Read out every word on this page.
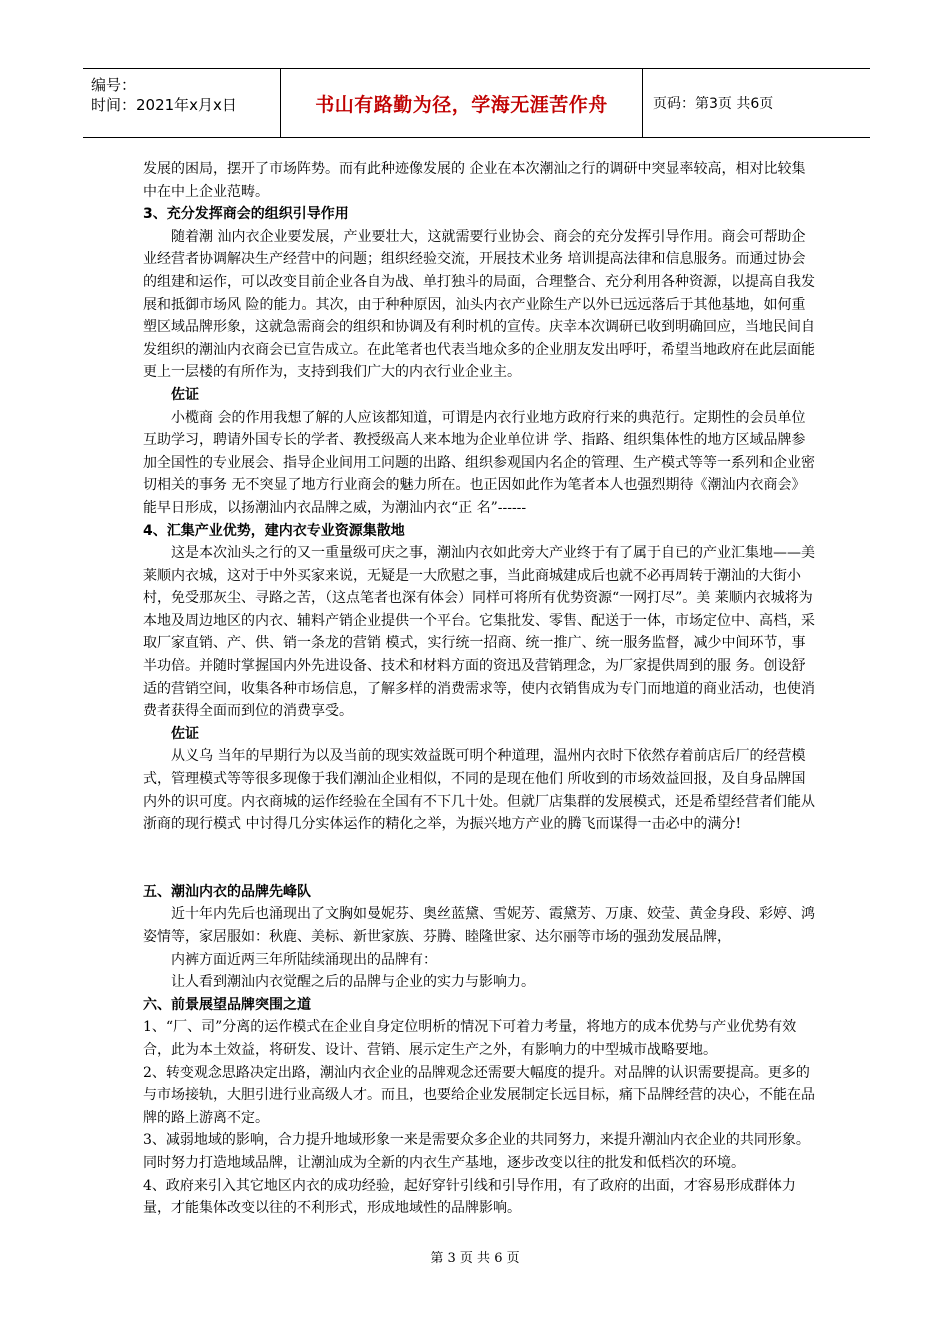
编号：
时间：2021年x月x日	书山有路勤为径，学海无涯苦作舟	页码：第3页 共6页

发展的困局，摆开了市场阵势。而有此种迹像发展的 企业在本次潮汕之行的调研中突显率较高，相对比较集中在中上企业范畴。

3、充分发挥商会的组织引导作用

随着潮 汕内衣企业要发展，产业要壮大，这就需要行业协会、商会的充分发挥引导作用。商会可帮助企业经营者协调解决生产经营中的问题；组织经验交流，开展技术业务 培训提高法律和信息服务。而通过协会的组建和运作，可以改变目前企业各自为战、单打独斗的局面，合理整合、充分利用各种资源，以提高自我发展和抵御市场风 险的能力。其次，由于种种原因，汕头内衣产业除生产以外已远远落后于其他基地，如何重塑区域品牌形象，这就急需商会的组织和协调及有利时机的宣传。庆幸本次调研已收到明确回应，当地民间自发组织的潮汕内衣商会已宣告成立。在此笔者也代表当地众多的企业朋友发出呼吁，希望当地政府在此层面能更上一层楼的有所作为，支持到我们广大的内衣行业企业主。

佐证

小榄商 会的作用我想了解的人应该都知道，可谓是内衣行业地方政府行来的典范行。定期性的会员单位互助学习，聘请外国专长的学者、教授级高人来本地为企业单位讲 学、指路、组织集体性的地方区域品牌参加全国性的专业展会、指导企业间用工问题的出路、组织参观国内名企的管理、生产模式等等一系列和企业密切相关的事务 无不突显了地方行业商会的魅力所在。也正因如此作为笔者本人也强烈期待《潮汕内衣商会》能早日形成，以扬潮汕内衣品牌之威，为潮汕内衣“正 名”------

4、汇集产业优势，建内衣专业资源集散地

这是本次汕头之行的又一重量级可庆之事，潮汕内衣如此旁大产业终于有了属于自已的产业汇集地——美莱顺内衣城，这对于中外买家来说，无疑是一大欣慰之事，当此商城建成后也就不必再周转于潮汕的大街小村，免受那灰尘、寻路之苦，（这点笔者也深有体会）同样可将所有优势资源“一网打尽”。美 莱顺内衣城将为本地及周边地区的内衣、辅料产销企业提供一个平台。它集批发、零售、配送于一体，市场定位中、高档，采取厂家直销、产、供、销一条龙的营销 模式，实行统一招商、统一推广、统一服务监督，减少中间环节，事半功倍。并随时掌握国内外先进设备、技术和材料方面的资迅及营销理念，为厂家提供周到的服 务。创设舒适的营销空间，收集各种市场信息，了解多样的消费需求等，使内衣销售成为专门而地道的商业活动，也使消费者获得全面而到位的消费享受。

佐证

从义乌 当年的早期行为以及当前的现实效益既可明个种道理，温州内衣时下依然存着前店后厂的经营模式，管理模式等等很多现像于我们潮汕企业相似，不同的是现在他们 所收到的市场效益回报，及自身品牌国内外的识可度。内衣商城的运作经验在全国有不下几十处。但就厂店集群的发展模式，还是希望经营者们能从浙商的现行模式 中讨得几分实体运作的精化之举，为振兴地方产业的腾飞而谋得一击必中的满分!

五、潮汕内衣的品牌先峰队

近十年内先后也涌现出了文胸如曼妮芬、奥丝蓝黛、雪妮芳、霞黛芳、万康、姣莹、黄金身段、彩婷、鸿姿情等，家居服如：秋鹿、美标、新世家族、芬腾、睦隆世家、达尔丽等市场的强劲发展品牌，

内裤方面近两三年所陆续涌现出的品牌有：

让人看到潮汕内衣觉醒之后的品牌与企业的实力与影响力。

六、前景展望品牌突围之道

1、“厂、司”分离的运作模式在企业自身定位明析的情况下可着力考量，将地方的成本优势与产业优势有效合，此为本土效益，将研发、设计、营销、展示定生产之外，有影响力的中型城市战略要地。

2、转变观念思路决定出路，潮汕内衣企业的品牌观念还需要大幅度的提升。对品牌的认识需要提高。更多的与市场接轨，大胆引进行业高级人才。而且，也要给企业发展制定长远目标，痛下品牌经营的决心，不能在品牌的路上游离不定。

3、减弱地域的影响，合力提升地域形象一来是需要众多企业的共同努力，来提升潮汕内衣企业的共同形象。同时努力打造地域品牌，让潮汕成为全新的内衣生产基地，逐步改变以往的批发和低档次的环境。

4、政府来引入其它地区内衣的成功经验，起好穿针引线和引导作用，有了政府的出面，才容易形成群体力量，才能集体改变以往的不利形式，形成地域性的品牌影响。

第 3 页 共 6 页
